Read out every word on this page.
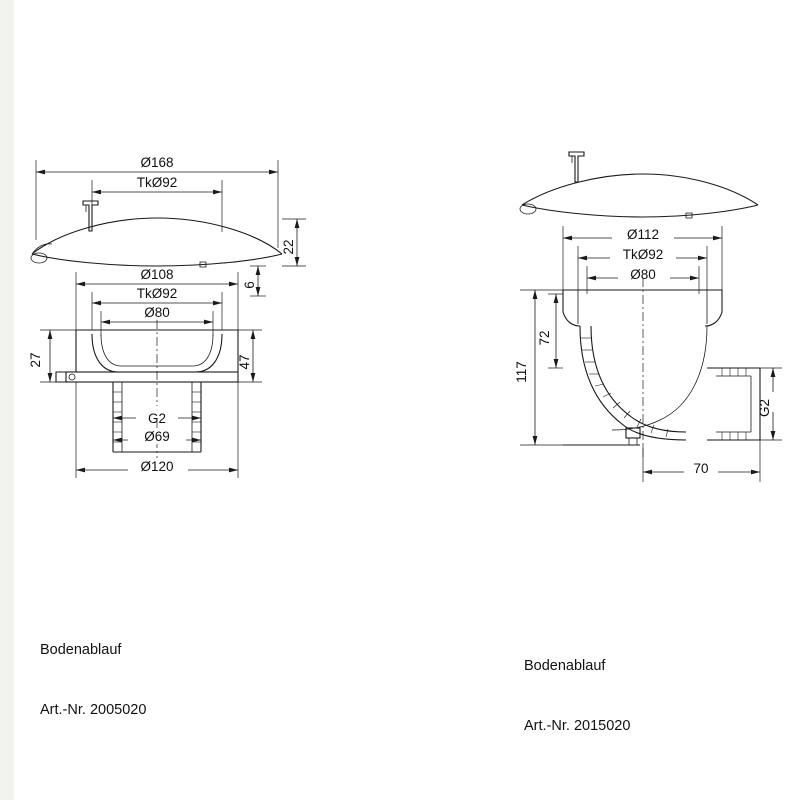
Ø168
TkØ92
22
6
Ø108
TkØ92
Ø80
27	47
G2
Ø69
Ø120
Ø112
TkØ92
Ø80
117
72
G2
70

Bodenablauf

Art.-Nr. 2005020

Bodenablauf

Art.-Nr. 2015020
